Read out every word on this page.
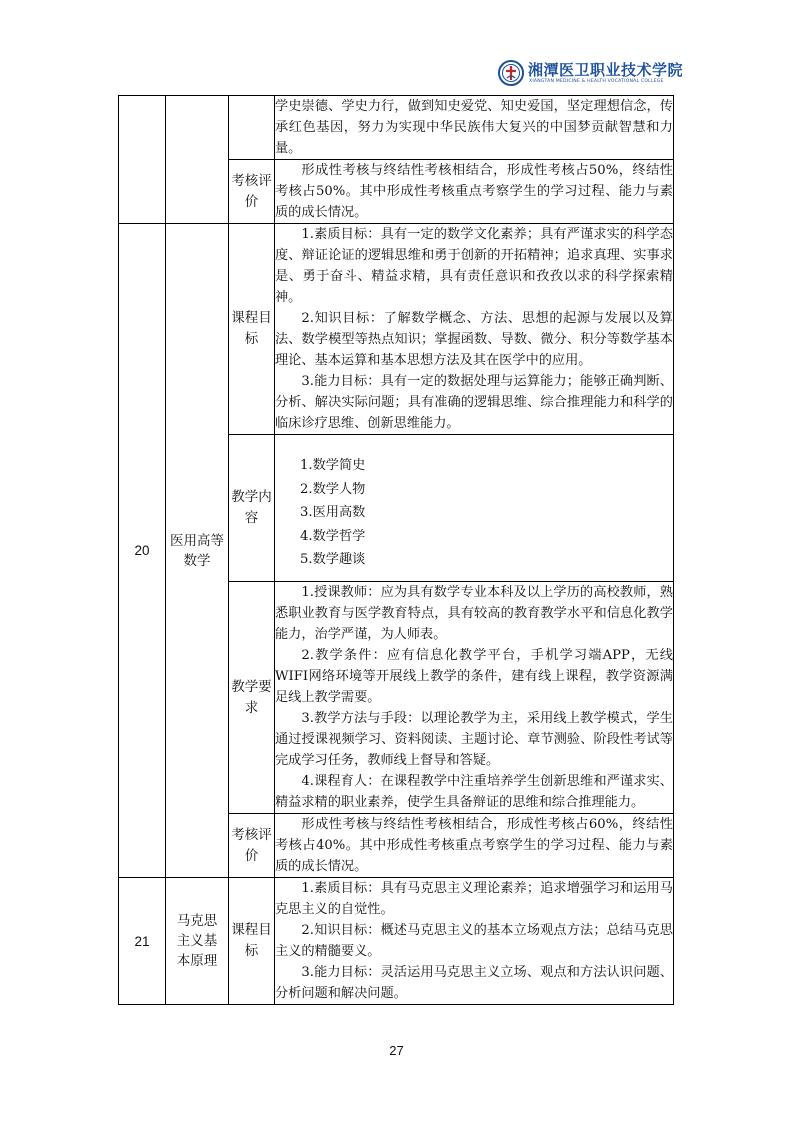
湘潭医卫职业技术学院
XIANGTAN MEDICINE & HEALTH VOCATIONAL COLLEGE

			学史崇德、学史力行，做到知史爱党、知史爱国，坚定理想信念，传承红色基因，努力为实现中华民族伟大复兴的中国梦贡献智慧和力量。

		考核评价	形成性考核与终结性考核相结合，形成性考核占50%，终结性考核占50%。其中形成性考核重点考察学生的学习过程、能力与素质的成长情况。

20	医用高等数学	课程目标	1.素质目标：具有一定的数学文化素养；具有严谨求实的科学态度、辩证论证的逻辑思维和勇于创新的开拓精神；追求真理、实事求是、勇于奋斗、精益求精，具有责任意识和孜孜以求的科学探索精神。
2.知识目标：了解数学概念、方法、思想的起源与发展以及算法、数学模型等热点知识；掌握函数、导数、微分、积分等数学基本理论、基本运算和基本思想方法及其在医学中的应用。
3.能力目标：具有一定的数据处理与运算能力；能够正确判断、分析、解决实际问题；具有准确的逻辑思维、综合推理能力和科学的临床诊疗思维、创新思维能力。

		教学内容	1.数学简史
2.数学人物
3.医用高数
4.数学哲学
5.数学趣谈

		教学要求	1.授课教师：应为具有数学专业本科及以上学历的高校教师，熟悉职业教育与医学教育特点，具有较高的教育教学水平和信息化教学能力，治学严谨，为人师表。
2.教学条件：应有信息化教学平台，手机学习端APP，无线WIFI网络环境等开展线上教学的条件，建有线上课程，教学资源满足线上教学需要。
3.教学方法与手段：以理论教学为主，采用线上教学模式，学生通过授课视频学习、资料阅读、主题讨论、章节测验、阶段性考试等完成学习任务，教师线上督导和答疑。
4.课程育人：在课程教学中注重培养学生创新思维和严谨求实、精益求精的职业素养，使学生具备辩证的思维和综合推理能力。

		考核评价	形成性考核与终结性考核相结合，形成性考核占60%，终结性考核占40%。其中形成性考核重点考察学生的学习过程、能力与素质的成长情况。

21	马克思主义基本原理	课程目标	1.素质目标：具有马克思主义理论素养；追求增强学习和运用马克思主义的自觉性。
2.知识目标：概述马克思主义的基本立场观点方法；总结马克思主义的精髓要义。
3.能力目标：灵活运用马克思主义立场、观点和方法认识问题、分析问题和解决问题。
27
